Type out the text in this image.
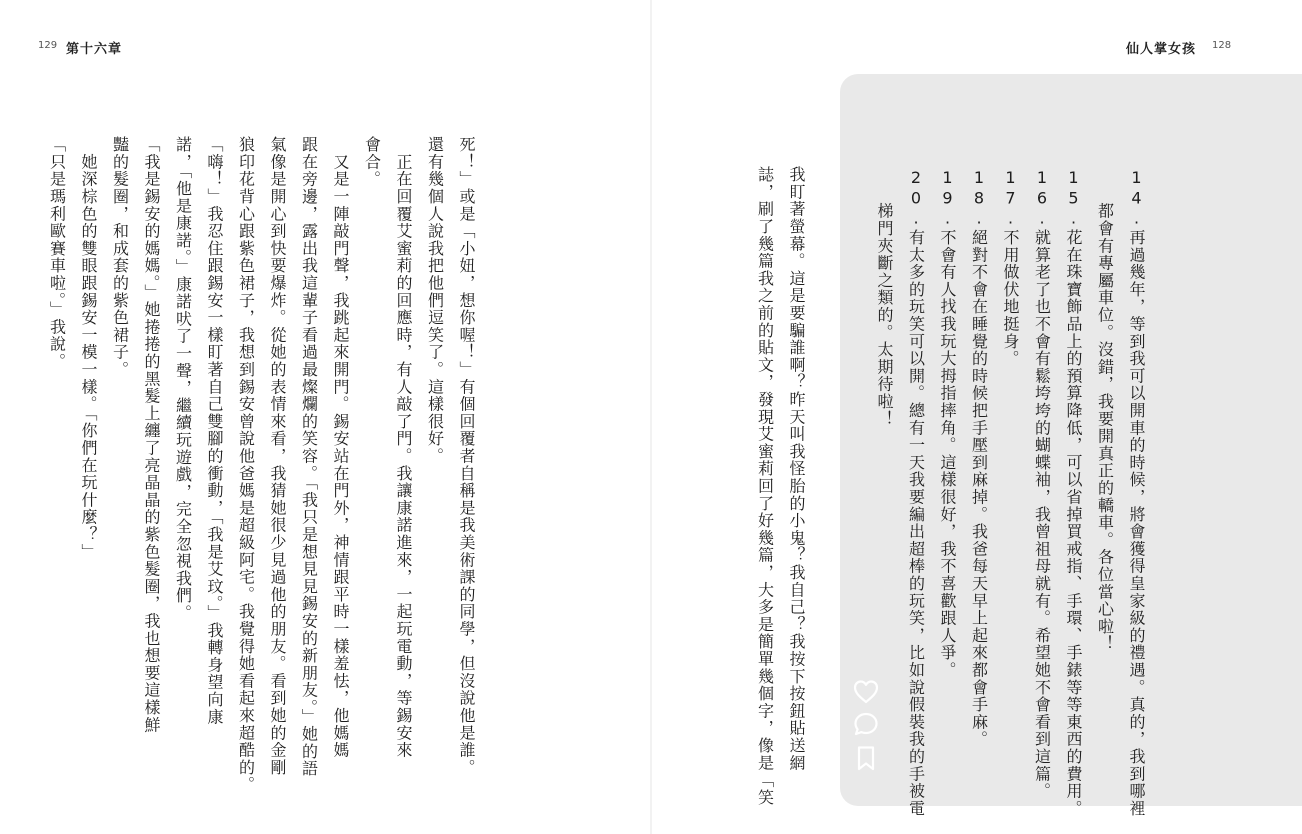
129 第十六章

死！」或是「小妞，想你喔！」有個回覆者自稱是我美術課的同學，但沒說他是誰。

還有幾個人說我把他們逗笑了。這樣很好。

　正在回覆艾蜜莉的回應時，有人敲了門。我讓康諾進來，一起玩電動，等錫安來

會合。

　又是一陣敲門聲，我跳起來開門。錫安站在門外，神情跟平時一樣羞怯，他媽媽

跟在旁邊，露出我這輩子看過最燦爛的笑容。「我只是想見見錫安的新朋友。」她的語

氣像是開心到快要爆炸。從她的表情來看，我猜她很少見過他的朋友。看到她的金剛

狼印花背心跟紫色裙子，我想到錫安曾說他爸媽是超級阿宅。我覺得她看起來超酷的。

「嗨！」我忍住跟錫安一樣盯著自己雙腳的衝動，「我是艾玟。」我轉身望向康

諾，「他是康諾。」康諾吠了一聲，繼續玩遊戲，完全忽視我們。

「我是錫安的媽媽。」她捲捲的黑髮上纏了亮晶晶的紫色髮圈，我也想要這樣鮮

豔的髮圈，和成套的紫色裙子。

　她深棕色的雙眼跟錫安一模一樣。「你們在玩什麼？」

「只是瑪利歐賽車啦。」我說。

仙人掌女孩 128

我盯著螢幕。這是要騙誰啊？昨天叫我怪胎的小鬼？我自己？我按下按鈕貼送網

誌，刷了幾篇我之前的貼文，發現艾蜜莉回了好幾篇，大多是簡單幾個字，像是「笑	14.再過幾年，等到我可以開車的時候，將會獲得皇家級的禮遇。真的，我到哪裡

　　都會有專屬車位。沒錯，我要開真正的轎車。各位當心啦！

15.花在珠寶飾品上的預算降低，可以省掉買戒指、手環、手錶等等東西的費用。

16.就算老了也不會有鬆垮垮的蝴蝶袖，我曾祖母就有。希望她不會看到這篇。

17.不用做伏地挺身。

18.絕對不會在睡覺的時候把手壓到麻掉。我爸每天早上起來都會手麻。

19.不會有人找我玩大拇指摔角。這樣很好，我不喜歡跟人爭。

20.有太多的玩笑可以開。總有一天我要編出超棒的玩笑，比如說假裝我的手被電

　　梯門夾斷之類的。太期待啦！
